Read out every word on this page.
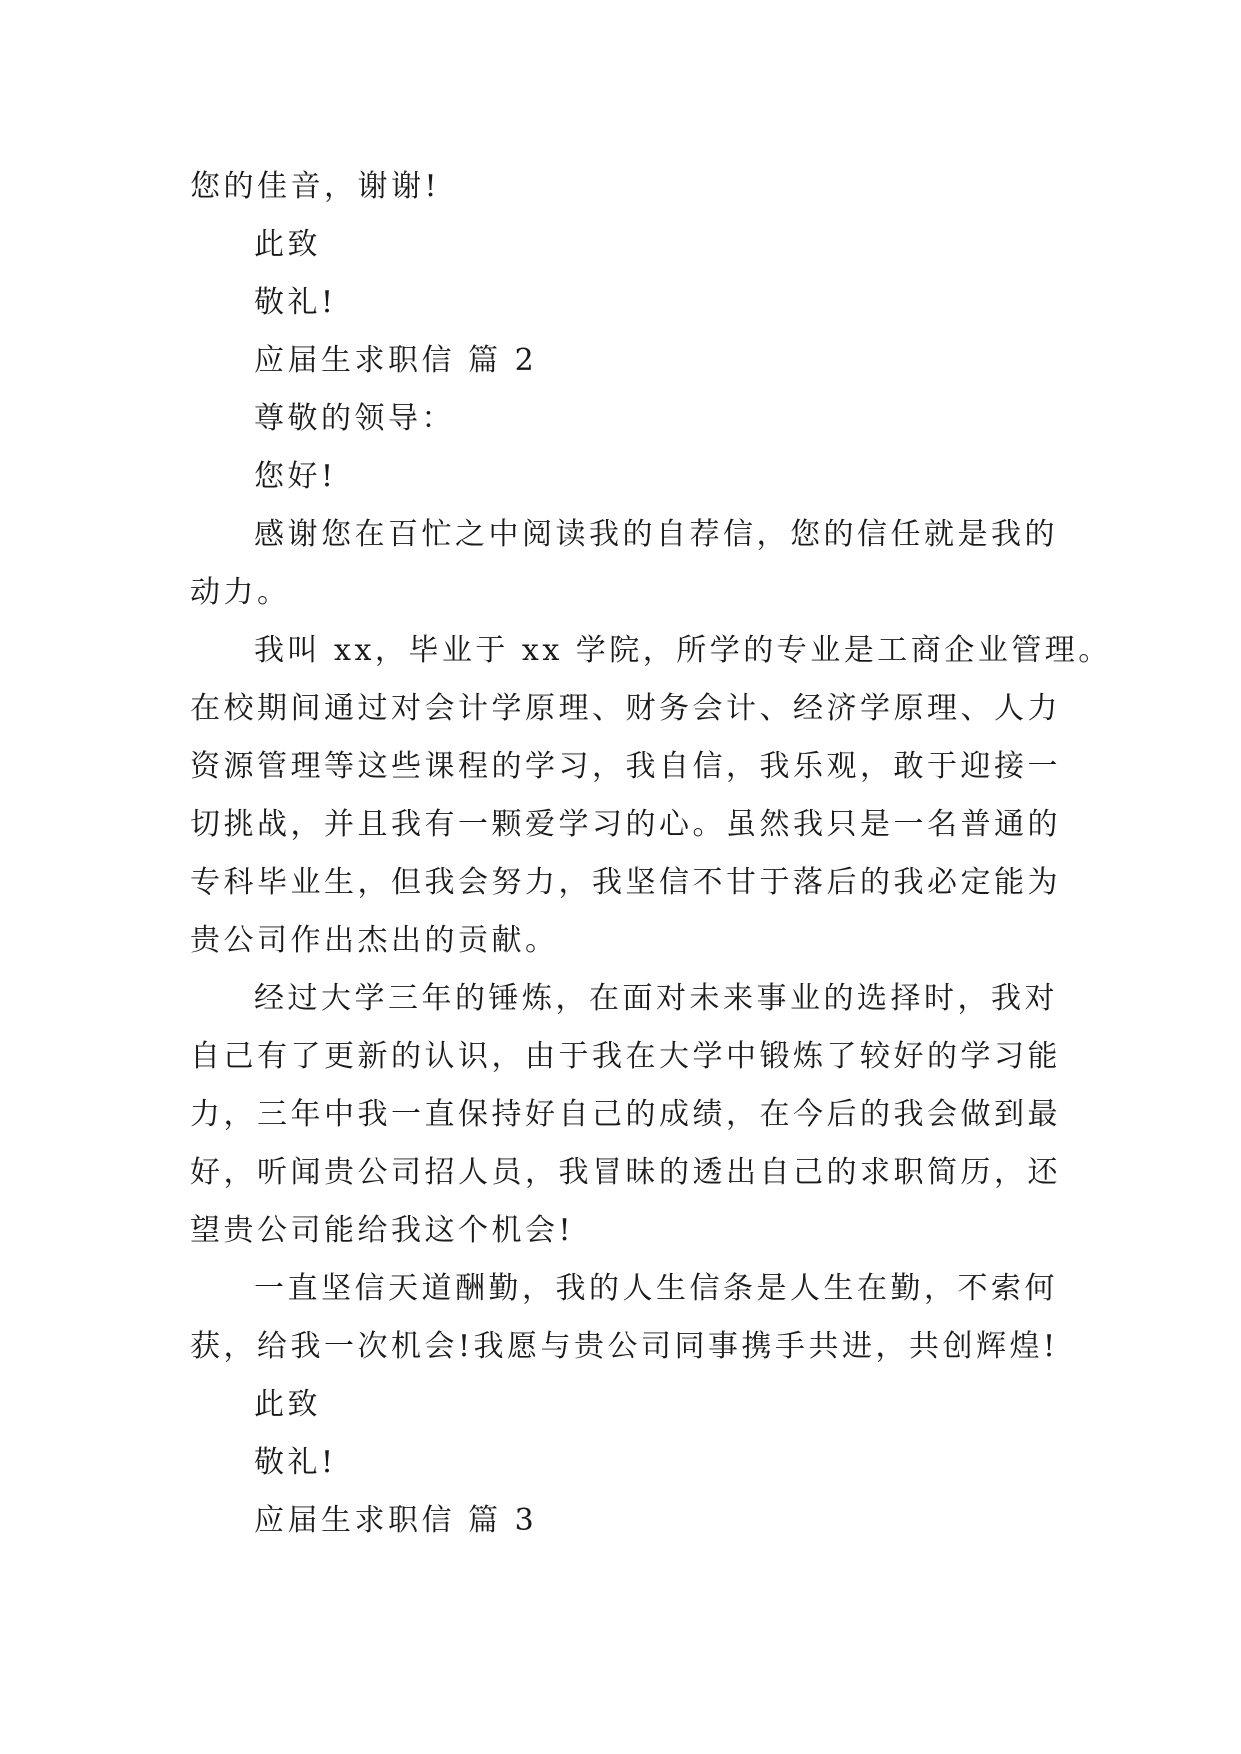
您的佳音，谢谢!
此致
敬礼!
应届生求职信 篇 2
尊敬的领导：
您好!
感谢您在百忙之中阅读我的自荐信，您的信任就是我的
动力。
我叫 xx，毕业于 xx 学院，所学的专业是工商企业管理。
在校期间通过对会计学原理、财务会计、经济学原理、人力
资源管理等这些课程的学习，我自信，我乐观，敢于迎接一
切挑战，并且我有一颗爱学习的心。虽然我只是一名普通的
专科毕业生，但我会努力，我坚信不甘于落后的我必定能为
贵公司作出杰出的贡献。
经过大学三年的锤炼，在面对未来事业的选择时，我对
自己有了更新的认识，由于我在大学中锻炼了较好的学习能
力，三年中我一直保持好自己的成绩，在今后的我会做到最
好，听闻贵公司招人员，我冒昧的透出自己的求职简历，还
望贵公司能给我这个机会!
一直坚信天道酬勤，我的人生信条是人生在勤，不索何
获，给我一次机会!我愿与贵公司同事携手共进，共创辉煌!
此致
敬礼!
应届生求职信 篇 3
